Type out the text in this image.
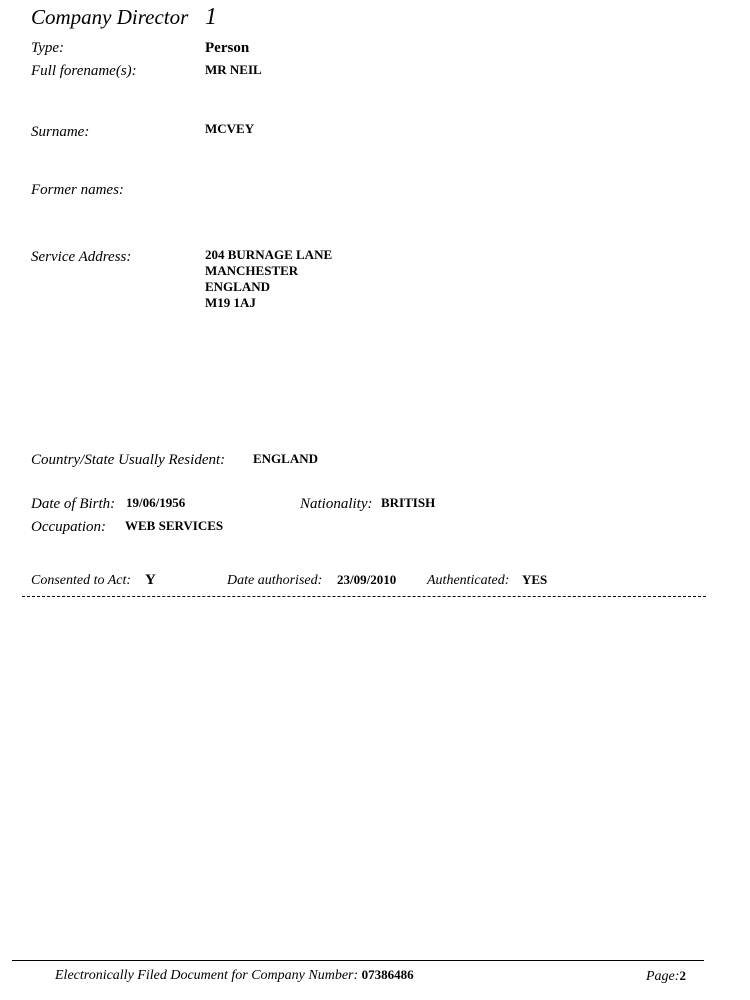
Company Director 1
Type:	Person
Full forename(s):	MR NEIL
Surname:	MCVEY
Former names:
Service Address:	204 BURNAGE LANE
MANCHESTER
ENGLAND
M19 1AJ
Country/State Usually Resident: ENGLAND
Date of Birth: 19/06/1956	Nationality: BRITISH
Occupation: WEB SERVICES
Consented to Act: Y	Date authorised: 23/09/2010 Authenticated: YES
Electronically Filed Document for Company Number: 07386486	Page:2
